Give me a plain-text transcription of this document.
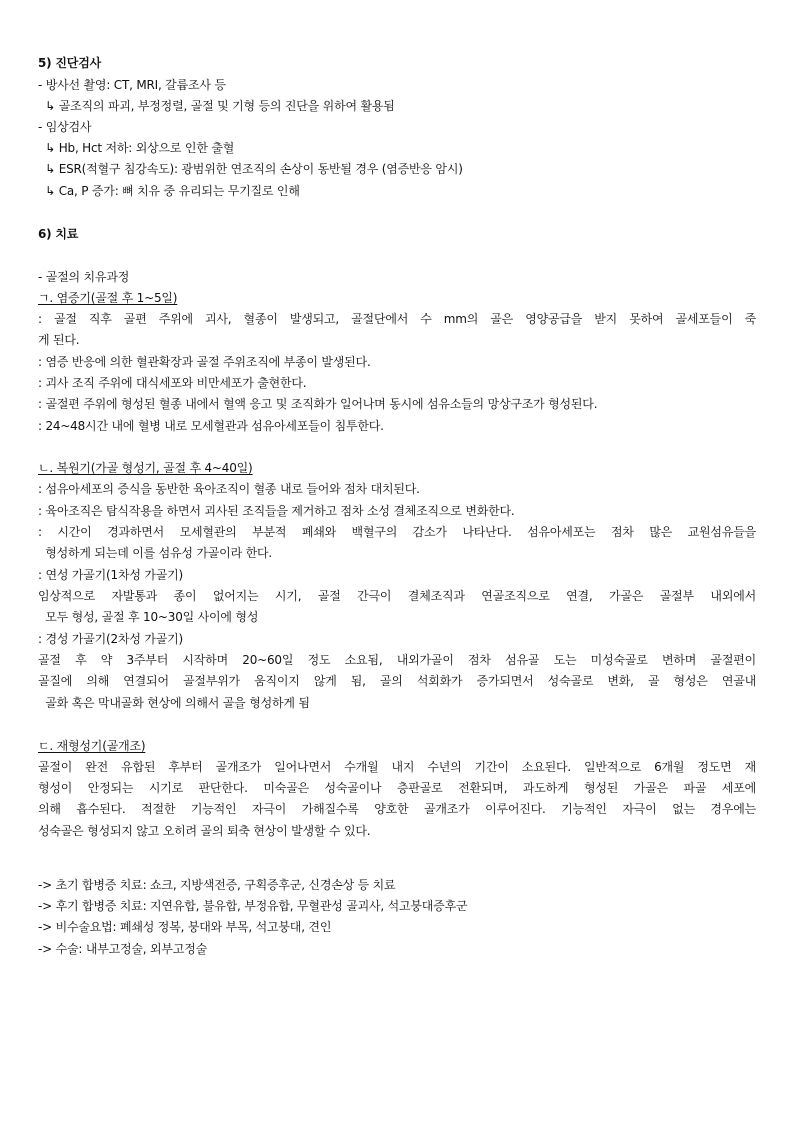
5) 진단검사
- 방사선 촬영: CT, MRI, 갈륨조사 등
↳ 골조직의 파괴, 부정정렬, 골절 및 기형 등의 진단을 위하여 활용됨
- 임상검사
↳ Hb, Hct 저하: 외상으로 인한 출혈
↳ ESR(적혈구 침강속도): 광범위한 연조직의 손상이 동반될 경우 (염증반응 암시)
↳ Ca, P 증가: 뼈 치유 중 유리되는 무기질로 인해
6) 치료
- 골절의 치유과정
ㄱ. 염증기(골절 후 1~5일)
: 골절 직후 골편 주위에 괴사, 혈종이 발생되고, 골절단에서 수 mm의 골은 영양공급을 받지 못하여 골세포들이 죽
게 된다.
: 염증 반응에 의한 혈관확장과 골절 주위조직에 부종이 발생된다.
: 괴사 조직 주위에 대식세포와 비만세포가 출현한다.
: 골절편 주위에 형성된 혈종 내에서 혈액 응고 및 조직화가 일어나며 동시에 섬유소들의 망상구조가 형성된다.
: 24~48시간 내에 혈병 내로 모세혈관과 섬유아세포들이 침투한다.
ㄴ. 복원기(가골 형성기, 골절 후 4~40일)
: 섬유아세포의 증식을 동반한 육아조직이 혈종 내로 들어와 점차 대치된다.
: 육아조직은 탐식작용을 하면서 괴사된 조직들을 제거하고 점차 소성 결체조직으로 변화한다.
: 시간이 경과하면서 모세혈관의 부분적 폐쇄와 백혈구의 감소가 나타난다. 섬유아세포는 점차 많은 교원섬유들을
형성하게 되는데 이를 섬유성 가골이라 한다.
: 연성 가골기(1차성 가골기)
임상적으로 자발통과 종이 없어지는 시기, 골절 간극이 결체조직과 연골조직으로 연결, 가골은 골절부 내외에서
모두 형성, 골절 후 10~30일 사이에 형성
: 경성 가골기(2차성 가골기)
골절 후 약 3주부터 시작하며 20~60일 정도 소요됨, 내외가골이 점차 섬유골 도는 미성숙골로 변하며 골절편이
골질에 의해 연결되어 골절부위가 움직이지 않게 됨, 골의 석회화가 증가되면서 성숙골로 변화, 골 형성은 연골내
골화 혹은 막내골화 현상에 의해서 골을 형성하게 됨
ㄷ. 재형성기(골개조)
골절이 완전 유합된 후부터 골개조가 일어나면서 수개월 내지 수년의 기간이 소요된다. 일반적으로 6개월 정도면 재
형성이 안정되는 시기로 판단한다. 미숙골은 성숙골이나 층판골로 전환되며, 과도하게 형성된 가골은 파골 세포에
의해 흡수된다. 적절한 기능적인 자극이 가해질수록 양호한 골개조가 이루어진다. 기능적인 자극이 없는 경우에는
성숙골은 형성되지 않고 오히려 골의 퇴축 현상이 발생할 수 있다.
-> 초기 합병증 치료: 쇼크, 지방색전증, 구획증후군, 신경손상 등 치료
-> 후기 합병증 치료: 지연유합, 불유합, 부정유합, 무혈관성 골괴사, 석고붕대증후군
-> 비수술요법: 폐쇄성 정복, 붕대와 부목, 석고붕대, 견인
-> 수술: 내부고정술, 외부고정술
